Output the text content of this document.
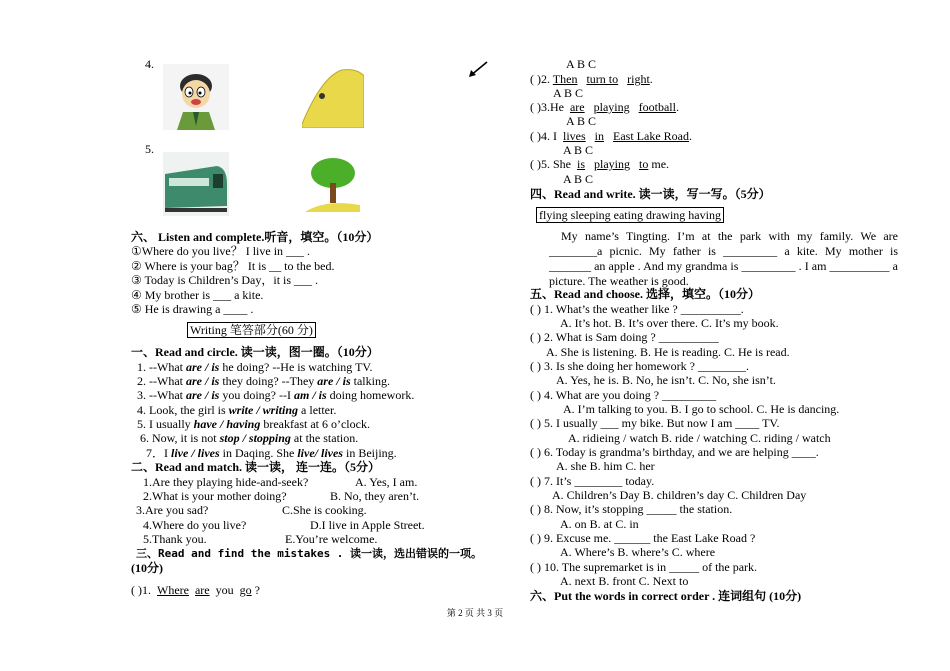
4.
5.
六、 Listen and complete.听音，填空。（10分）
①Where do you live？ I live in ___ .
② Where is your bag？ It is __ to the bed.
③ Today is Children’s Day，it is ___ .
④ My brother is ___ a kite.
⑤ He is drawing a ____ .
Writing 笔答部分(60 分)
一、Read and circle. 读一读，图一圈。（10分）
1. --What are / is he doing? --He is watching TV.
2. --What are / is they doing? --They are / is talking.
3. --What are / is you doing? --I am / is doing homework.
4. Look, the girl is write / writing a letter.
5. I usually have / having breakfast at 6 o’clock.
6. Now, it is not stop / stopping at the station.
7．I live / lives in Daqing. She live/ lives in Beijing.
二、Read and match. 读一读， 连一连。（5分）
1.Are they playing hide-and-seek?	A. Yes, I am.
2.What is your mother doing?	B. No, they aren’t.
3.Are you sad?	C.She is cooking.
4.Where do you live?	D.I live in Apple Street.
5.Thank you.	E.You’re welcome.
三、Read and find the mistakes . 读一读，选出错误的一项。
(10分)
( )1. Where are you go ?
A B C
( )2. Then turn to right.
A B C
( )3.He are playing football.
A B C
( )4. I lives in East Lake Road.
A B C
( )5. She is playing to me.
A B C
四、Read and write. 读一读，写一写。（5分）
flying sleeping eating drawing having
My name’s Tingting. I’m at the park with my family. We are ________a picnic. My father is _________ a kite. My mother is _______ an apple . And my grandma is _________ . I am __________ a picture. The weather is good.
五、Read and choose. 选择，填空。（10分）
( ) 1. What’s the weather like ? __________.
A. It’s hot. B. It’s over there. C. It’s my book.
( ) 2. What is Sam doing ? __________
A. She is listening. B. He is reading. C. He is read.
( ) 3. Is she doing her homework ? ________.
A. Yes, he is. B. No, he isn’t. C. No, she isn’t.
( ) 4. What are you doing ? _________
A. I’m talking to you. B. I go to school. C. He is dancing.
( ) 5. I usually ___ my bike. But now I am ____ TV.
A. ridieing / watch B. ride / watching C. riding / watch
( ) 6. Today is grandma’s birthday, and we are helping ____.
A. she B. him C. her
( ) 7. It’s ________ today.
A. Children’s Day B. children’s day C. Children Day
( ) 8. Now, it’s stopping _____ the station.
A. on B. at C. in
( ) 9. Excuse me. ______ the East Lake Road ?
A. Where’s B. where’s C. where
( ) 10. The supremarket is in _____ of the park.
A. next B. front C. Next to
六、Put the words in correct order . 连词组句 (10分)
第 2 页 共 3 页
